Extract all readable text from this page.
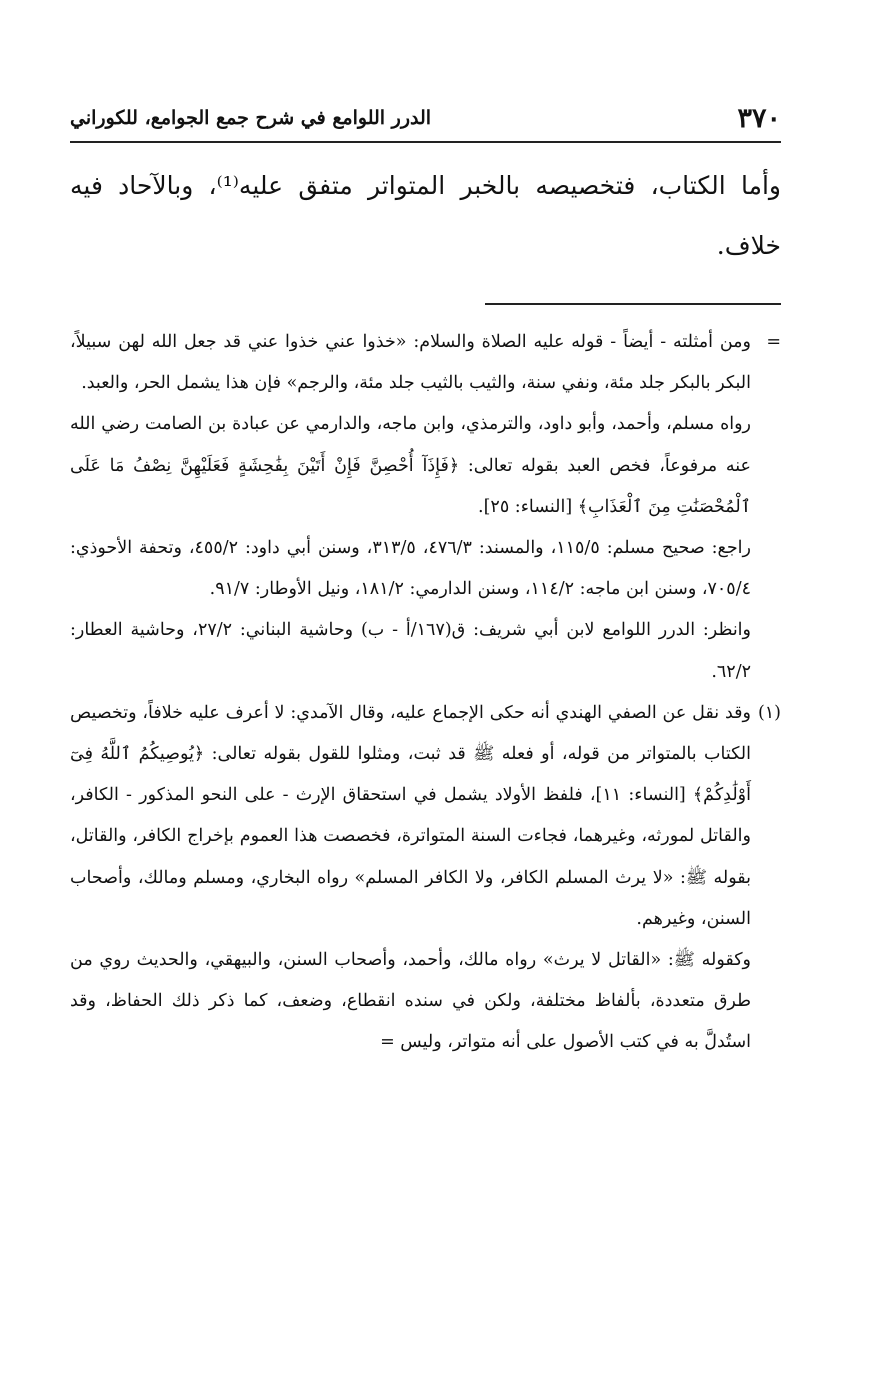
٣٧٠
الدرر اللوامع في شرح جمع الجوامع، للكوراني

وأما الكتاب، فتخصيصه بالخبر المتواتر متفق عليه⁽¹⁾، وبالآحاد فيه خلاف.

=

ومن أمثلته - أيضاً - قوله عليه الصلاة والسلام: «خذوا عني خذوا عني قد جعل الله لهن سبيلاً، البكر بالبكر جلد مئة، ونفي سنة، والثيب بالثيب جلد مئة، والرجم» فإن هذا يشمل الحر، والعبد.

رواه مسلم، وأحمد، وأبو داود، والترمذي، وابن ماجه، والدارمي عن عبادة بن الصامت رضي الله عنه مرفوعاً، فخص العبد بقوله تعالى: ﴿فَإِذَآ أُحْصِنَّ فَإِنْ أَتَيْنَ بِفَٰحِشَةٍ فَعَلَيْهِنَّ نِصْفُ مَا عَلَى ٱلْمُحْصَنَٰتِ مِنَ ٱلْعَذَابِ﴾ [النساء: ٢٥].

راجع: صحيح مسلم: ١١٥/٥، والمسند: ٤٧٦/٣، ٣١٣/٥، وسنن أبي داود: ٤٥٥/٢، وتحفة الأحوذي: ٧٠٥/٤، وسنن ابن ماجه: ١١٤/٢، وسنن الدارمي: ١٨١/٢، ونيل الأوطار: ٩١/٧.

وانظر: الدرر اللوامع لابن أبي شريف: ق(١٦٧/أ - ب) وحاشية البناني: ٢٧/٢، وحاشية العطار: ٦٢/٢.

(١)

وقد نقل عن الصفي الهندي أنه حكى الإجماع عليه، وقال الآمدي: لا أعرف عليه خلافاً، وتخصيص الكتاب بالمتواتر من قوله، أو فعله ﷺ قد ثبت، ومثلوا للقول بقوله تعالى: ﴿يُوصِيكُمُ ٱللَّهُ فِىٓ أَوْلَٰدِكُمْ﴾ [النساء: ١١]، فلفظ الأولاد يشمل في استحقاق الإرث - على النحو المذكور - الكافر، والقاتل لمورثه، وغيرهما، فجاءت السنة المتواترة، فخصصت هذا العموم بإخراج الكافر، والقاتل، بقوله ﷺ: «لا يرث المسلم الكافر، ولا الكافر المسلم» رواه البخاري، ومسلم ومالك، وأصحاب السنن، وغيرهم.

وكقوله ﷺ: «القاتل لا يرث» رواه مالك، وأحمد، وأصحاب السنن، والبيهقي، والحديث روي من طرق متعددة، بألفاظ مختلفة، ولكن في سنده انقطاع، وضعف، كما ذكر ذلك الحفاظ، وقد استُدلَّ به في كتب الأصول على أنه متواتر، وليس =
